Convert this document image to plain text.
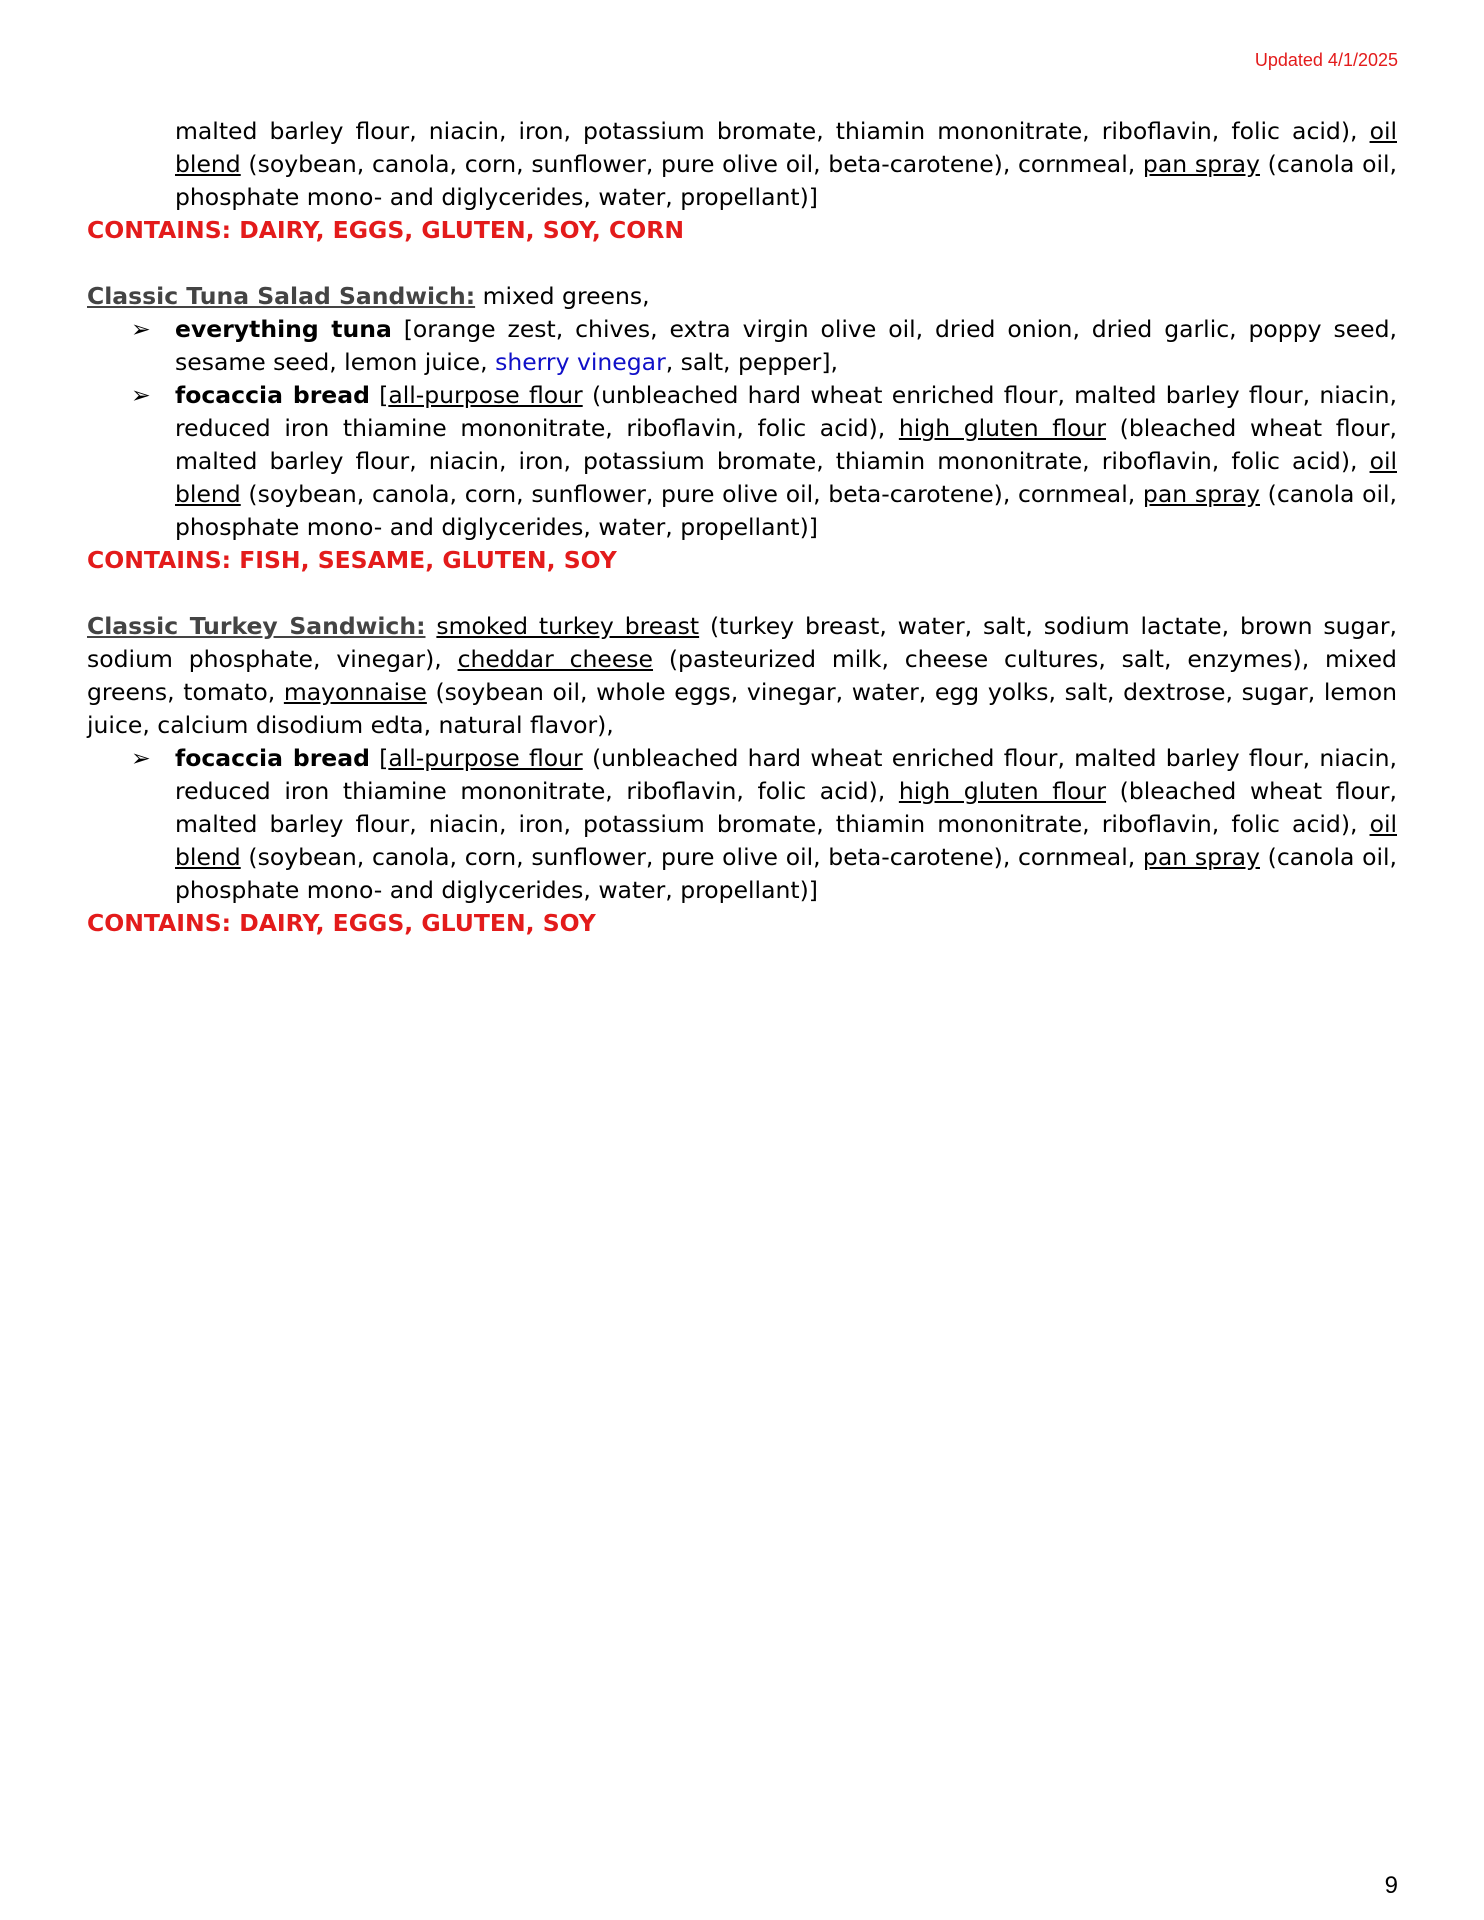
Updated 4/1/2025
malted barley flour, niacin, iron, potassium bromate, thiamin mononitrate, riboflavin, folic acid), oil blend (soybean, canola, corn, sunflower, pure olive oil, beta-carotene), cornmeal, pan spray (canola oil, phosphate mono- and diglycerides, water, propellant)]
CONTAINS: DAIRY, EGGS, GLUTEN, SOY, CORN
Classic Tuna Salad Sandwich: mixed greens,
➢ everything tuna [orange zest, chives, extra virgin olive oil, dried onion, dried garlic, poppy seed, sesame seed, lemon juice, sherry vinegar, salt, pepper],
➢ focaccia bread [all-purpose flour (unbleached hard wheat enriched flour, malted barley flour, niacin, reduced iron thiamine mononitrate, riboflavin, folic acid), high gluten flour (bleached wheat flour, malted barley flour, niacin, iron, potassium bromate, thiamin mononitrate, riboflavin, folic acid), oil blend (soybean, canola, corn, sunflower, pure olive oil, beta-carotene), cornmeal, pan spray (canola oil, phosphate mono- and diglycerides, water, propellant)]
CONTAINS: FISH, SESAME, GLUTEN, SOY
Classic Turkey Sandwich: smoked turkey breast (turkey breast, water, salt, sodium lactate, brown sugar, sodium phosphate, vinegar), cheddar cheese (pasteurized milk, cheese cultures, salt, enzymes), mixed greens, tomato, mayonnaise (soybean oil, whole eggs, vinegar, water, egg yolks, salt, dextrose, sugar, lemon juice, calcium disodium edta, natural flavor),
➢ focaccia bread [all-purpose flour (unbleached hard wheat enriched flour, malted barley flour, niacin, reduced iron thiamine mononitrate, riboflavin, folic acid), high gluten flour (bleached wheat flour, malted barley flour, niacin, iron, potassium bromate, thiamin mononitrate, riboflavin, folic acid), oil blend (soybean, canola, corn, sunflower, pure olive oil, beta-carotene), cornmeal, pan spray (canola oil, phosphate mono- and diglycerides, water, propellant)]
CONTAINS: DAIRY, EGGS, GLUTEN, SOY
9
